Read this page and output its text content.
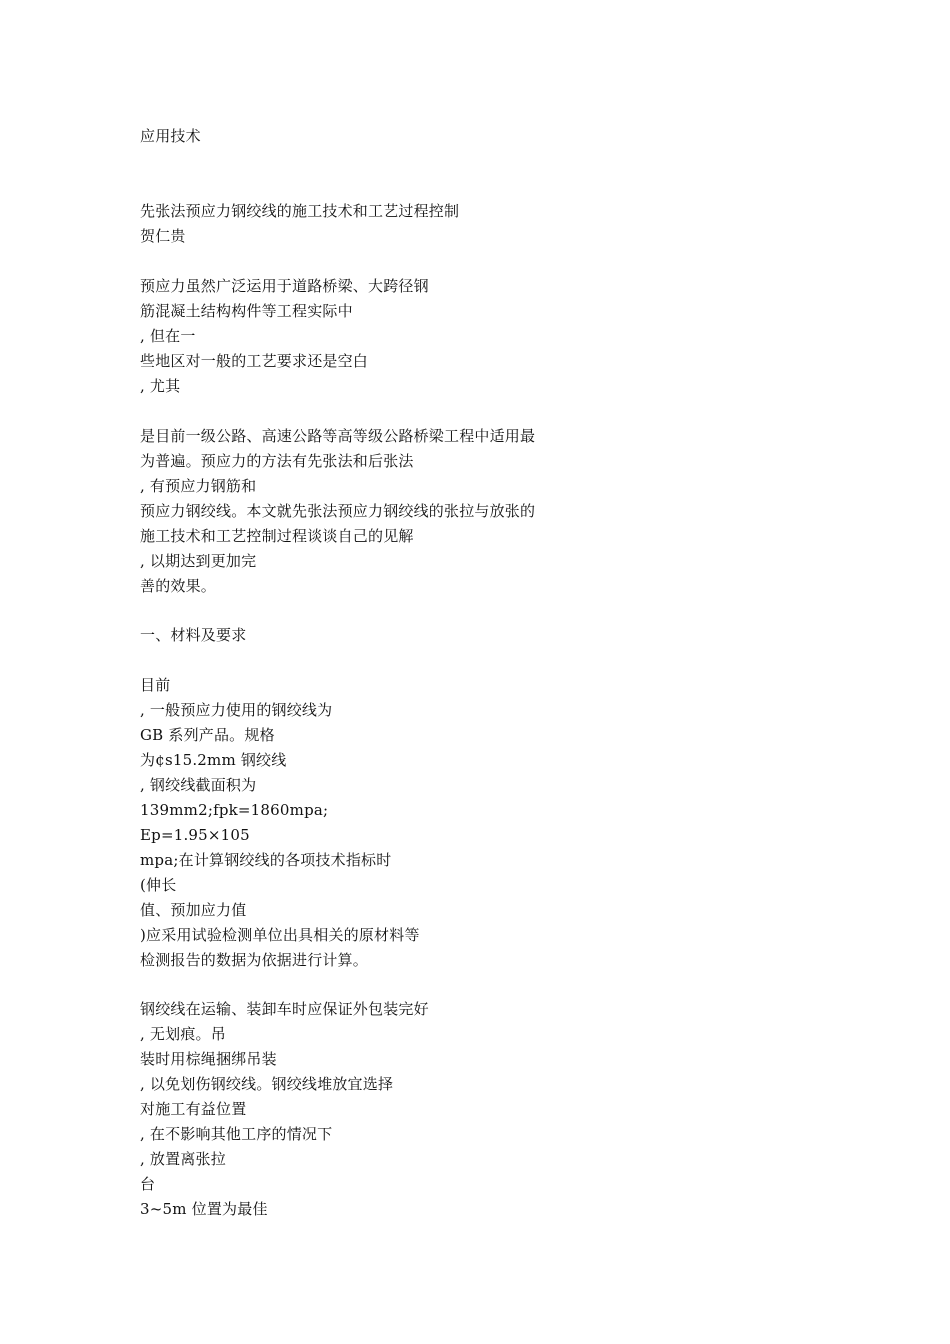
应用技术
先张法预应力钢绞线的施工技术和工艺过程控制
贺仁贵
预应力虽然广泛运用于道路桥梁、大跨径钢
筋混凝土结构构件等工程实际中
, 但在一
些地区对一般的工艺要求还是空白
, 尤其
是目前一级公路、高速公路等高等级公路桥梁工程中适用最
为普遍。预应力的方法有先张法和后张法
, 有预应力钢筋和
预应力钢绞线。本文就先张法预应力钢绞线的张拉与放张的
施工技术和工艺控制过程谈谈自己的见解
, 以期达到更加完
善的效果。
一、材料及要求
目前
, 一般预应力使用的钢绞线为
GB 系列产品。规格
为¢s15.2mm 钢绞线
, 钢绞线截面积为
139mm2;fpk=1860mpa;
Ep=1.95×105
mpa;在计算钢绞线的各项技术指标时
(伸长
值、预加应力值
)应采用试验检测单位出具相关的原材料等
检测报告的数据为依据进行计算。
钢绞线在运输、装卸车时应保证外包装完好
, 无划痕。吊
装时用棕绳捆绑吊装
, 以免划伤钢绞线。钢绞线堆放宜选择
对施工有益位置
, 在不影响其他工序的情况下
, 放置离张拉
台
3~5m 位置为最佳
